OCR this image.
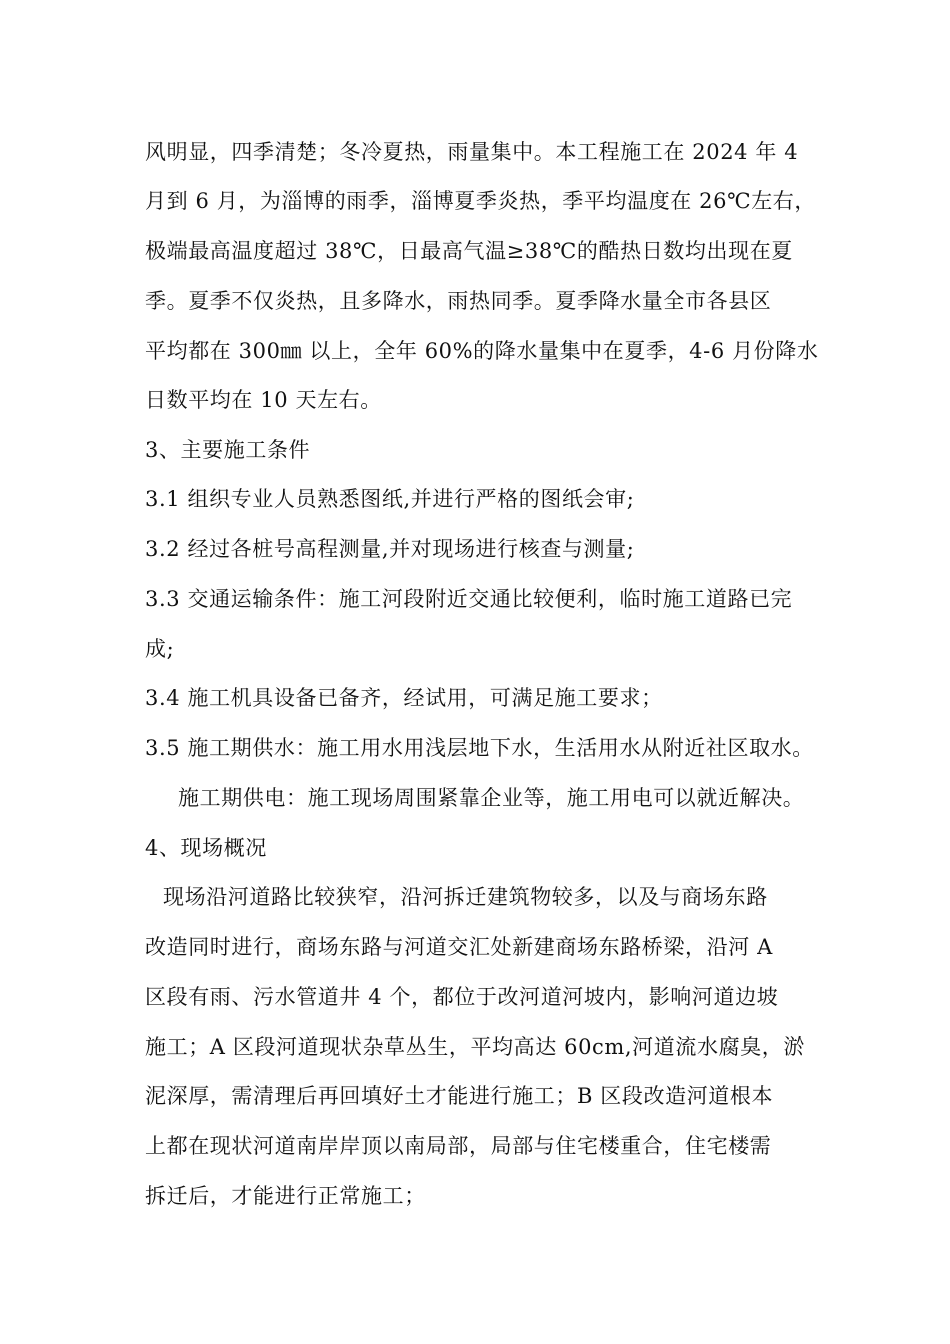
风明显，四季清楚；冬冷夏热，雨量集中。本工程施工在 2024 年 4
月到 6 月，为淄博的雨季，淄博夏季炎热，季平均温度在 26℃左右，
极端最高温度超过 38℃，日最高气温≥38℃的酷热日数均出现在夏
季。夏季不仅炎热，且多降水，雨热同季。夏季降水量全市各县区
平均都在 300㎜ 以上，全年 60%的降水量集中在夏季，4-6 月份降水
日数平均在 10 天左右。
3、主要施工条件
3.1 组织专业人员熟悉图纸,并进行严格的图纸会审;
3.2 经过各桩号高程测量,并对现场进行核查与测量;
3.3 交通运输条件：施工河段附近交通比较便利，临时施工道路已完
成;
3.4 施工机具设备已备齐，经试用，可满足施工要求；
3.5 施工期供水：施工用水用浅层地下水，生活用水从附近社区取水。
施工期供电：施工现场周围紧靠企业等，施工用电可以就近解决。
4、现场概况
现场沿河道路比较狭窄，沿河拆迁建筑物较多，以及与商场东路
改造同时进行，商场东路与河道交汇处新建商场东路桥梁，沿河 A
区段有雨、污水管道井 4 个，都位于改河道河坡内，影响河道边坡
施工；A 区段河道现状杂草丛生，平均高达 60cm,河道流水腐臭，淤
泥深厚，需清理后再回填好土才能进行施工；B 区段改造河道根本
上都在现状河道南岸岸顶以南局部，局部与住宅楼重合，住宅楼需
拆迁后，才能进行正常施工；
